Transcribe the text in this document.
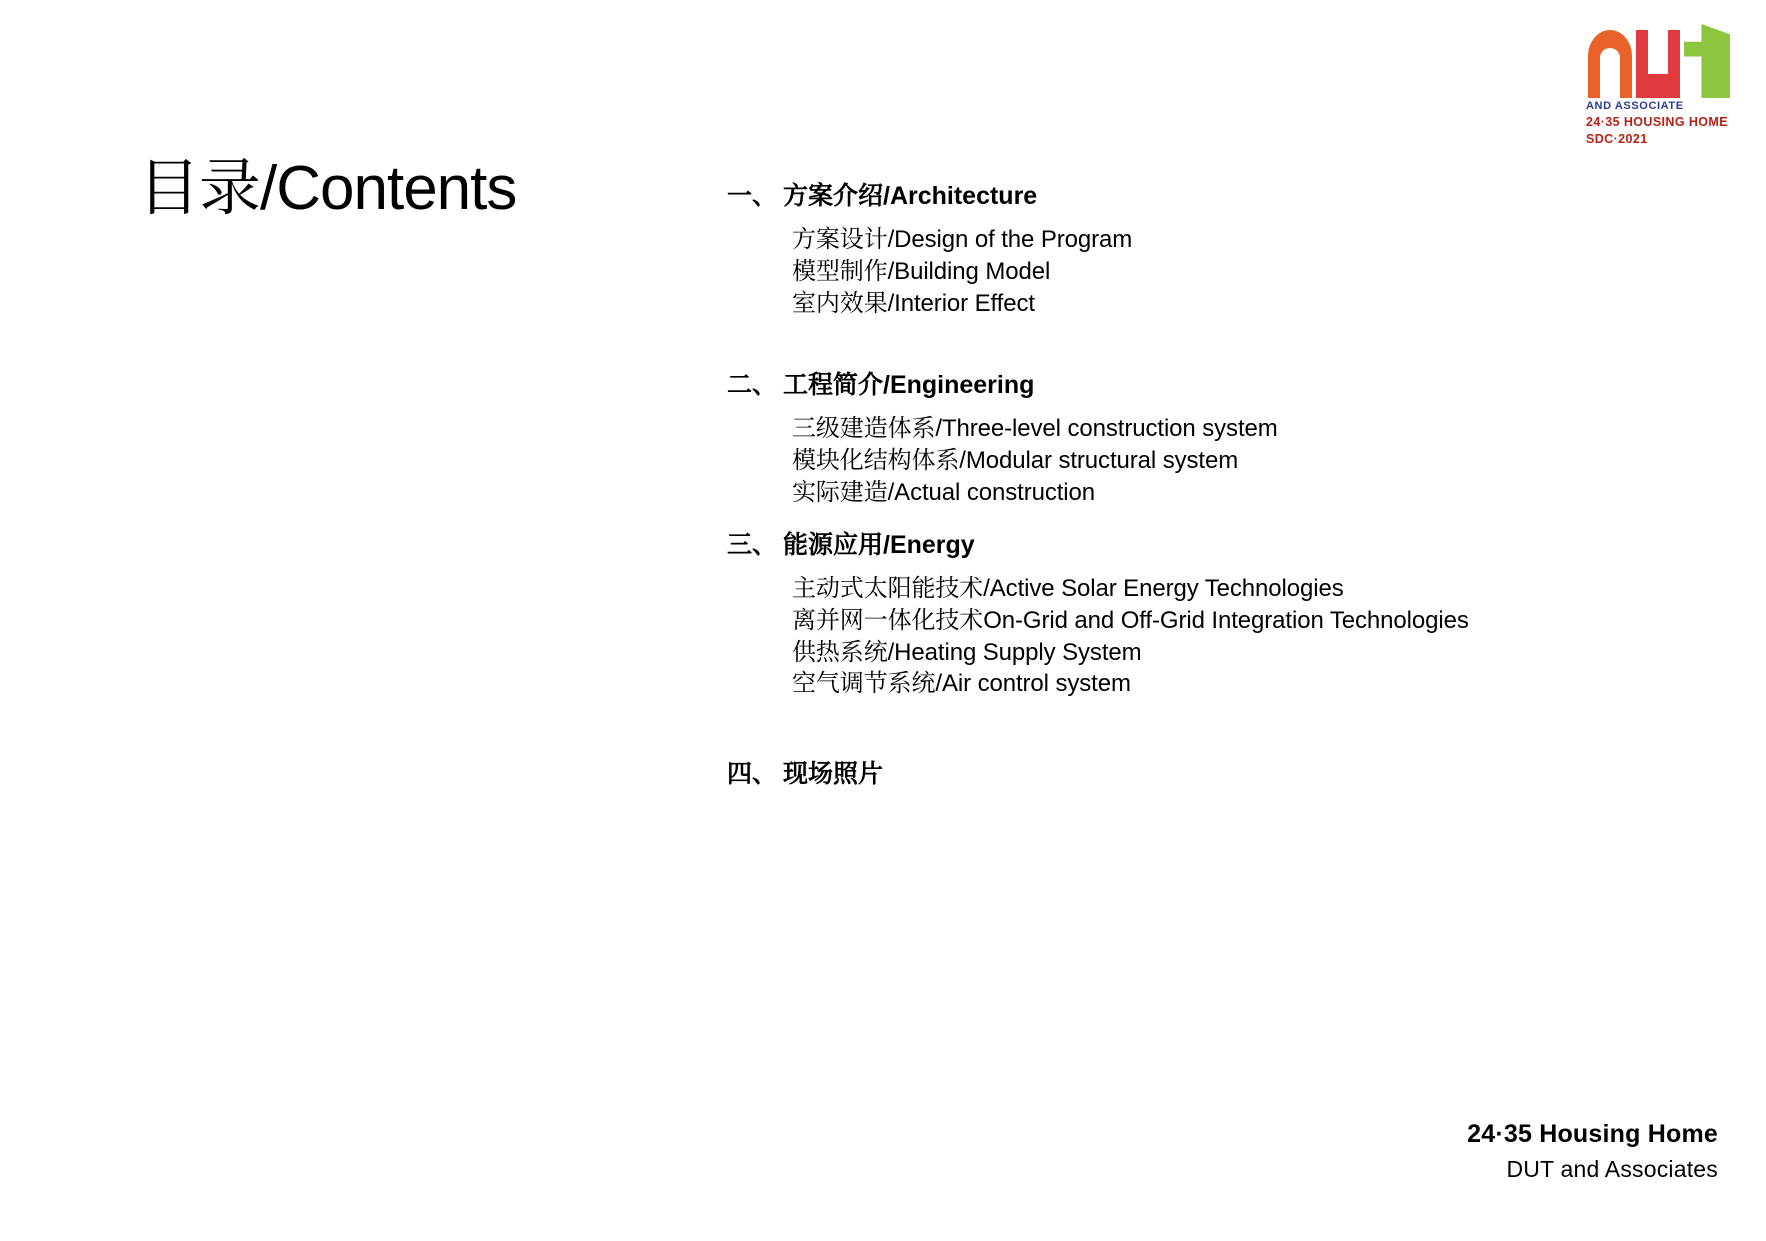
AND ASSOCIATE
24·35 HOUSING HOME
SDC·2021
目录/Contents	一、 方案介绍/Architecture
方案设计/Design of the Program
模型制作/Building Model
室内效果/Interior Effect
二、 工程简介/Engineering
三级建造体系/Three-level construction system
模块化结构体系/Modular structural system
实际建造/Actual construction
三、 能源应用/Energy
主动式太阳能技术/Active Solar Energy Technologies
离并网一体化技术On-Grid and Off-Grid Integration Technologies
供热系统/Heating Supply System
空气调节系统/Air control system
四、 现场照片
24·35 Housing Home
DUT and Associates
